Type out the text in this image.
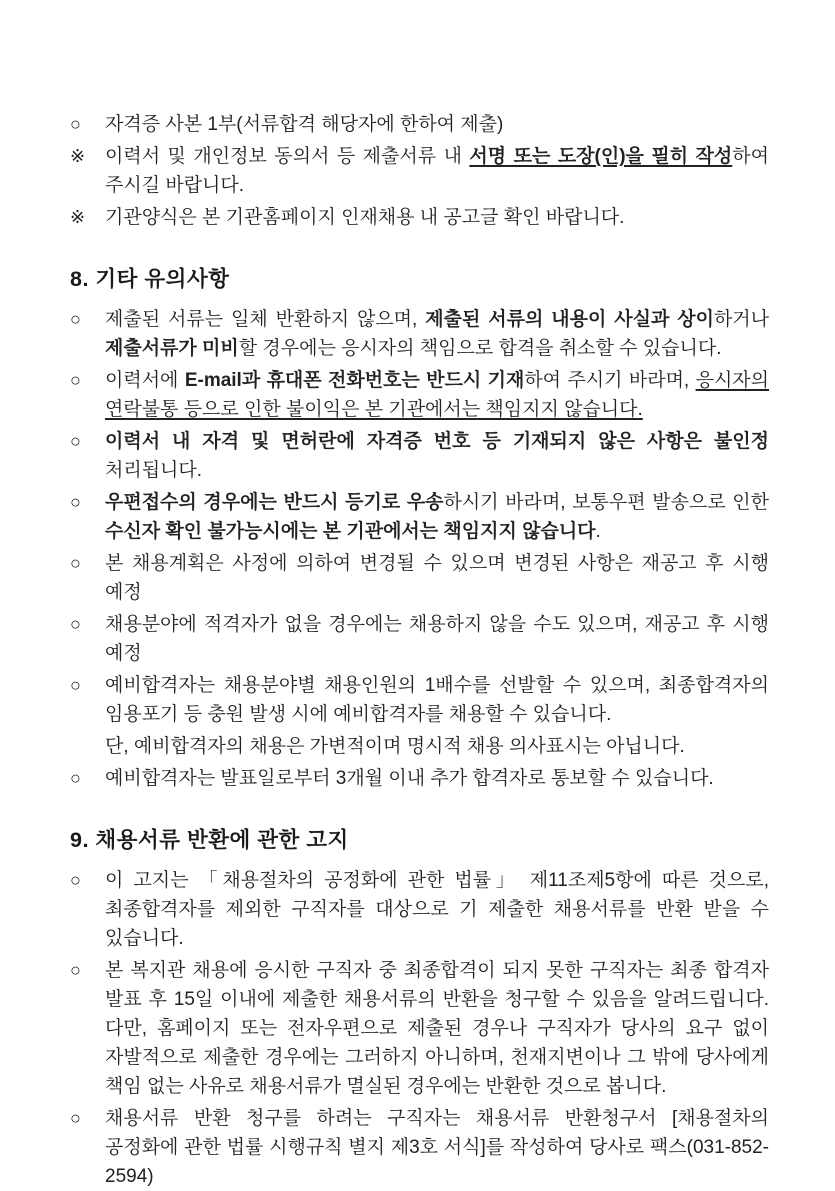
○	자격증 사본 1부(서류합격 해당자에 한하여 제출)
※	이력서 및 개인정보 동의서 등 제출서류 내 서명 또는 도장(인)을 필히 작성하여 주시길 바랍니다.
※	기관양식은 본 기관홈페이지 인재채용 내 공고글 확인 바랍니다.
8. 기타 유의사항
○	제출된 서류는 일체 반환하지 않으며, 제출된 서류의 내용이 사실과 상이하거나 제출서류가 미비할 경우에는 응시자의 책임으로 합격을 취소할 수 있습니다.
○	이력서에 E-mail과 휴대폰 전화번호는 반드시 기재하여 주시기 바라며, 응시자의 연락불통 등으로 인한 불이익은 본 기관에서는 책임지지 않습니다.
○	이력서 내 자격 및 면허란에 자격증 번호 등 기재되지 않은 사항은 불인정 처리됩니다.
○	우편접수의 경우에는 반드시 등기로 우송하시기 바라며, 보통우편 발송으로 인한 수신자 확인 불가능시에는 본 기관에서는 책임지지 않습니다.
○	본 채용계획은 사정에 의하여 변경될 수 있으며 변경된 사항은 재공고 후 시행 예정
○	채용분야에 적격자가 없을 경우에는 채용하지 않을 수도 있으며, 재공고 후 시행 예정
○	예비합격자는 채용분야별 채용인원의 1배수를 선발할 수 있으며, 최종합격자의 임용포기 등 충원 발생 시에 예비합격자를 채용할 수 있습니다.
단, 예비합격자의 채용은 가변적이며 명시적 채용 의사표시는 아닙니다.
○	예비합격자는 발표일로부터 3개월 이내 추가 합격자로 통보할 수 있습니다.
9. 채용서류 반환에 관한 고지
○	이 고지는 「채용절차의 공정화에 관한 법률」 제11조제5항에 따른 것으로, 최종합격자를 제외한 구직자를 대상으로 기 제출한 채용서류를 반환 받을 수 있습니다.
○	본 복지관 채용에 응시한 구직자 중 최종합격이 되지 못한 구직자는 최종 합격자 발표 후 15일 이내에 제출한 채용서류의 반환을 청구할 수 있음을 알려드립니다. 다만, 홈페이지 또는 전자우편으로 제출된 경우나 구직자가 당사의 요구 없이 자발적으로 제출한 경우에는 그러하지 아니하며, 천재지변이나 그 밖에 당사에게 책임 없는 사유로 채용서류가 멸실된 경우에는 반환한 것으로 봅니다.
○	채용서류 반환 청구를 하려는 구직자는 채용서류 반환청구서 [채용절차의 공정화에 관한 법률 시행규칙 별지 제3호 서식]를 작성하여 당사로 팩스(031-852-2594)
